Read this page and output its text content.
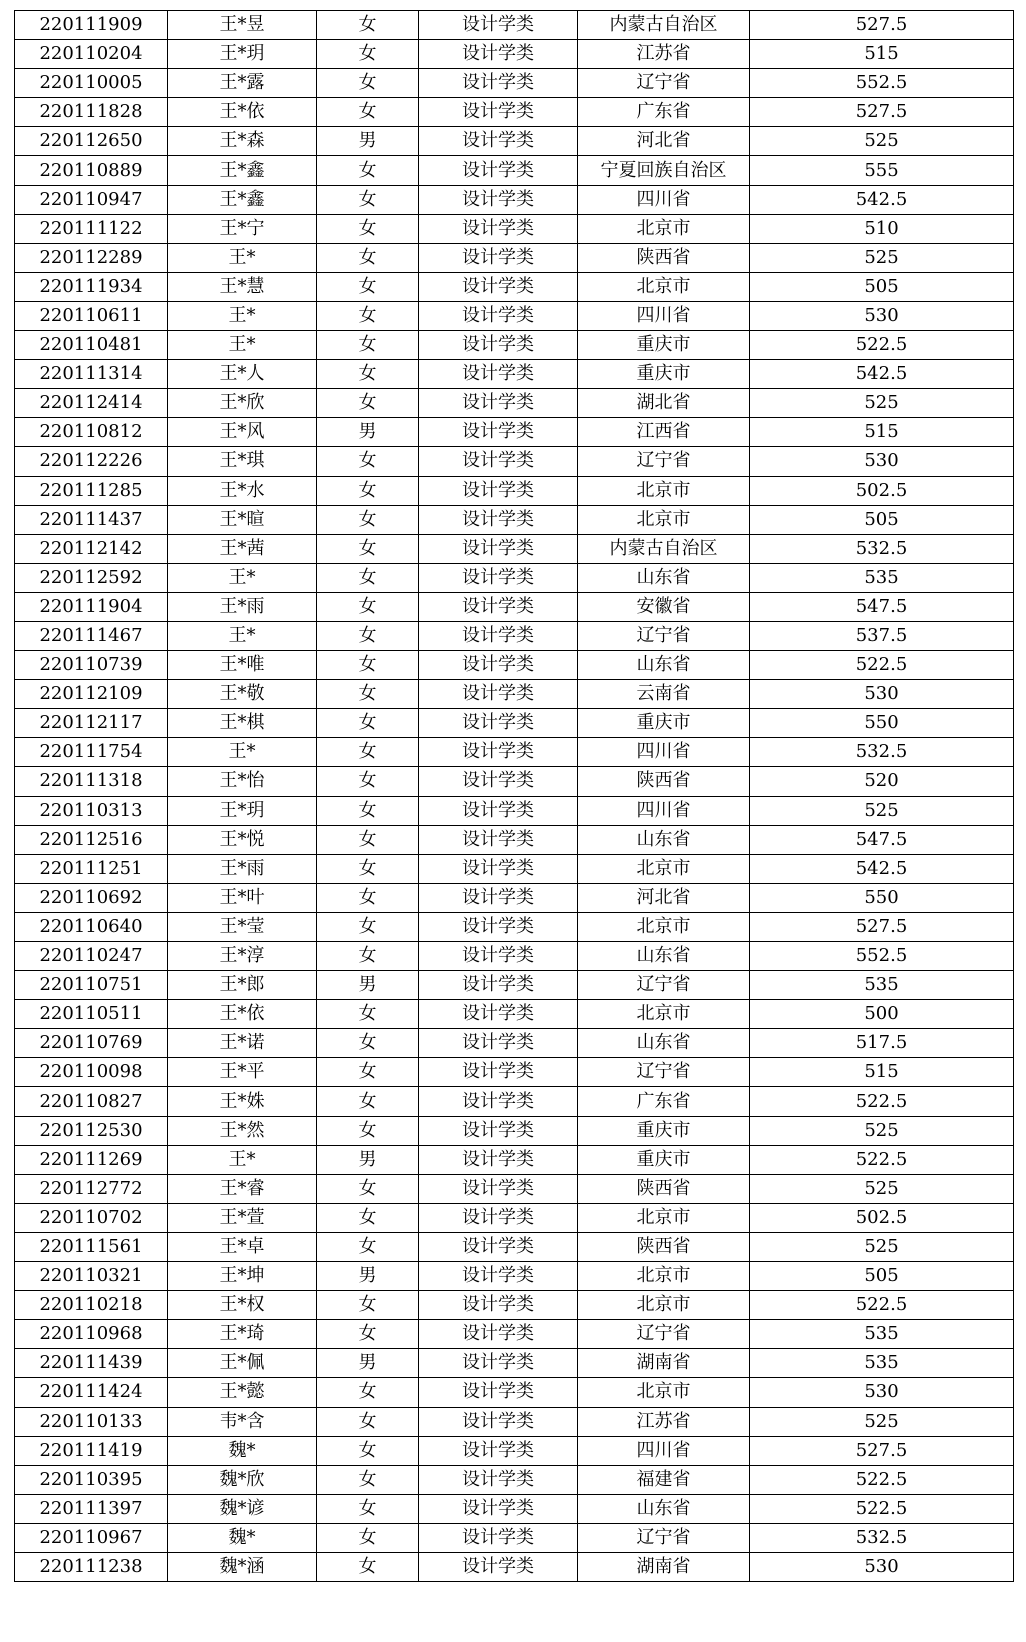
220111909	王*昱	女	设计学类	内蒙古自治区	527.5
220110204	王*玥	女	设计学类	江苏省	515
220110005	王*露	女	设计学类	辽宁省	552.5
220111828	王*依	女	设计学类	广东省	527.5
220112650	王*森	男	设计学类	河北省	525
220110889	王*鑫	女	设计学类	宁夏回族自治区	555
220110947	王*鑫	女	设计学类	四川省	542.5
220111122	王*宁	女	设计学类	北京市	510
220112289	王*	女	设计学类	陕西省	525
220111934	王*慧	女	设计学类	北京市	505
220110611	王*	女	设计学类	四川省	530
220110481	王*	女	设计学类	重庆市	522.5
220111314	王*人	女	设计学类	重庆市	542.5
220112414	王*欣	女	设计学类	湖北省	525
220110812	王*风	男	设计学类	江西省	515
220112226	王*琪	女	设计学类	辽宁省	530
220111285	王*水	女	设计学类	北京市	502.5
220111437	王*暄	女	设计学类	北京市	505
220112142	王*茜	女	设计学类	内蒙古自治区	532.5
220112592	王*	女	设计学类	山东省	535
220111904	王*雨	女	设计学类	安徽省	547.5
220111467	王*	女	设计学类	辽宁省	537.5
220110739	王*唯	女	设计学类	山东省	522.5
220112109	王*敬	女	设计学类	云南省	530
220112117	王*棋	女	设计学类	重庆市	550
220111754	王*	女	设计学类	四川省	532.5
220111318	王*怡	女	设计学类	陕西省	520
220110313	王*玥	女	设计学类	四川省	525
220112516	王*悦	女	设计学类	山东省	547.5
220111251	王*雨	女	设计学类	北京市	542.5
220110692	王*叶	女	设计学类	河北省	550
220110640	王*莹	女	设计学类	北京市	527.5
220110247	王*淳	女	设计学类	山东省	552.5
220110751	王*郎	男	设计学类	辽宁省	535
220110511	王*依	女	设计学类	北京市	500
220110769	王*诺	女	设计学类	山东省	517.5
220110098	王*平	女	设计学类	辽宁省	515
220110827	王*姝	女	设计学类	广东省	522.5
220112530	王*然	女	设计学类	重庆市	525
220111269	王*	男	设计学类	重庆市	522.5
220112772	王*睿	女	设计学类	陕西省	525
220110702	王*萱	女	设计学类	北京市	502.5
220111561	王*卓	女	设计学类	陕西省	525
220110321	王*坤	男	设计学类	北京市	505
220110218	王*权	女	设计学类	北京市	522.5
220110968	王*琦	女	设计学类	辽宁省	535
220111439	王*佩	男	设计学类	湖南省	535
220111424	王*懿	女	设计学类	北京市	530
220110133	韦*含	女	设计学类	江苏省	525
220111419	魏*	女	设计学类	四川省	527.5
220110395	魏*欣	女	设计学类	福建省	522.5
220111397	魏*谚	女	设计学类	山东省	522.5
220110967	魏*	女	设计学类	辽宁省	532.5
220111238	魏*涵	女	设计学类	湖南省	530
